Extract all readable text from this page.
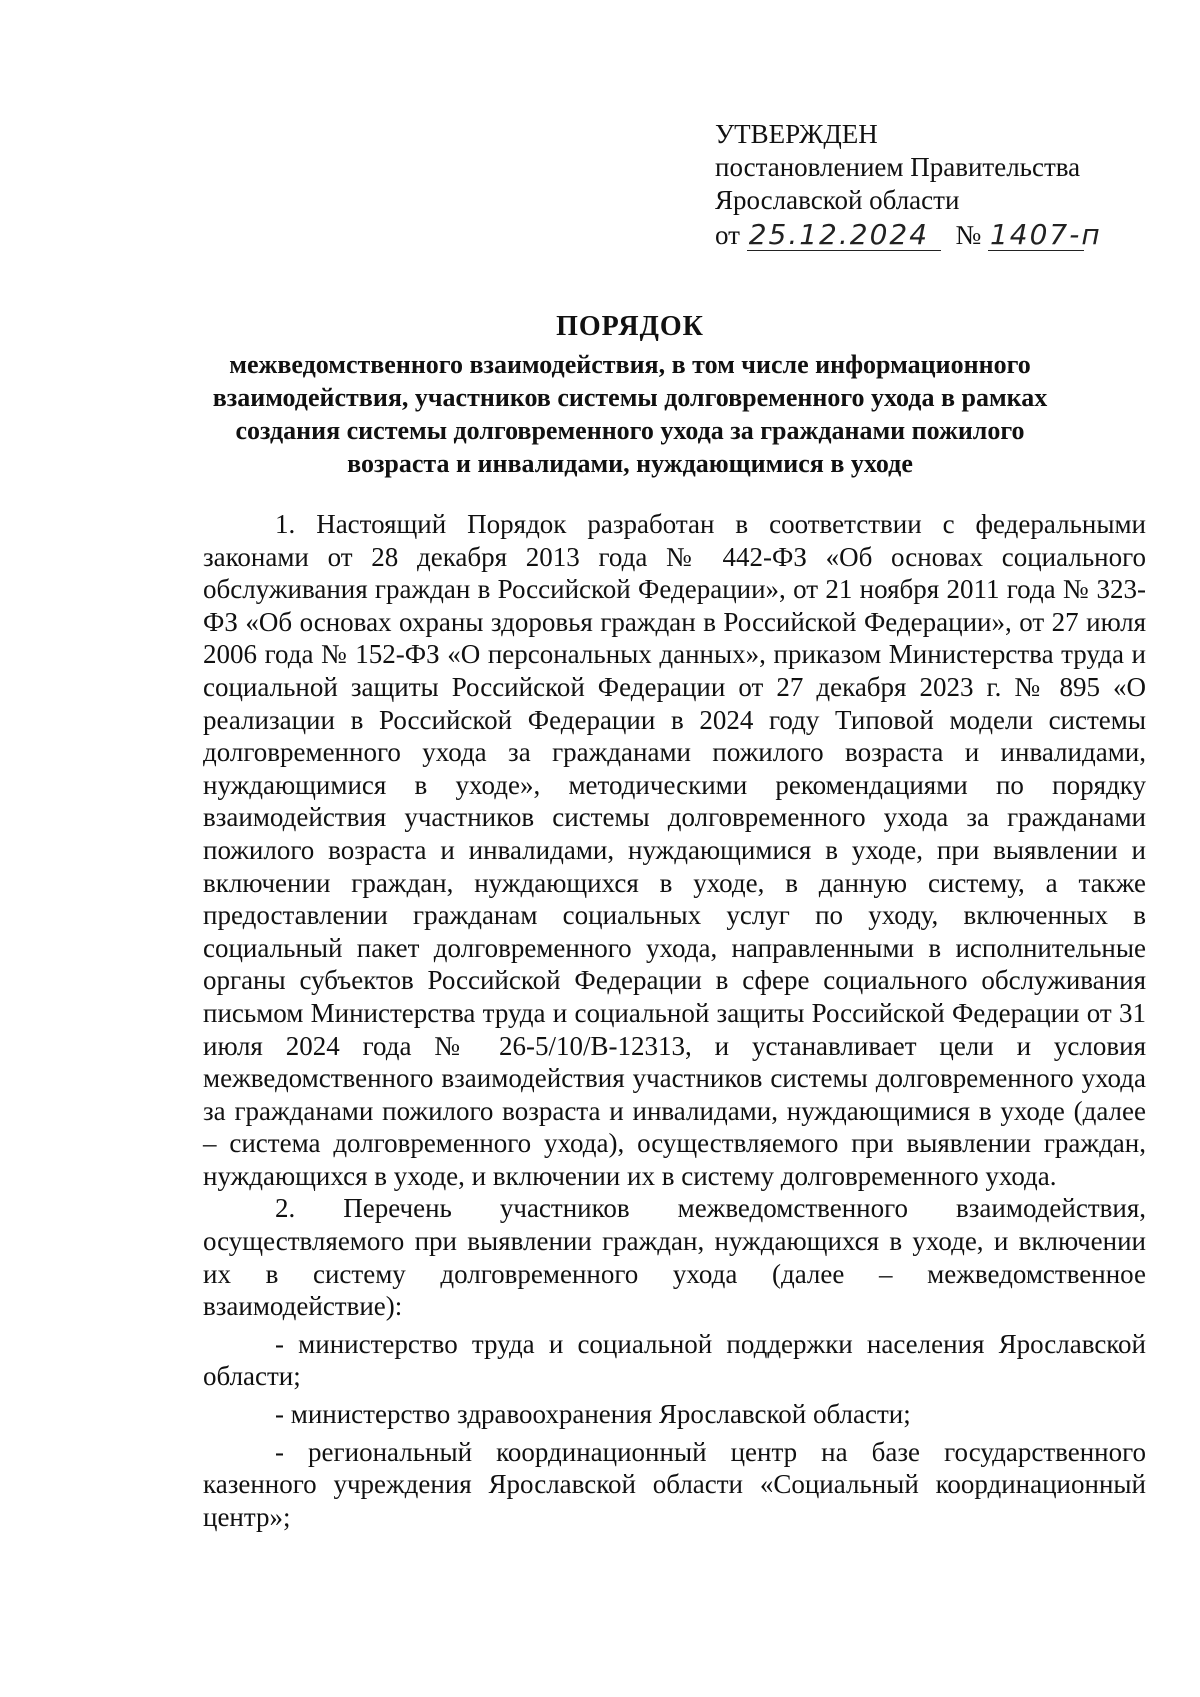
УТВЕРЖДЕН
постановлением Правительства
Ярославской области
от 25.12.2024 № 1407-п
ПОРЯДОК
межведомственного взаимодействия, в том числе информационного взаимодействия, участников системы долговременного ухода в рамках создания системы долговременного ухода за гражданами пожилого возраста и инвалидами, нуждающимися в уходе

1. Настоящий Порядок разработан в соответствии с федеральными законами от 28 декабря 2013 года № 442-ФЗ «Об основах социального обслуживания граждан в Российской Федерации», от 21 ноября 2011 года № 323-ФЗ «Об основах охраны здоровья граждан в Российской Федерации», от 27 июля 2006 года № 152-ФЗ «О персональных данных», приказом Министерства труда и социальной защиты Российской Федерации от 27 декабря 2023 г. № 895 «О реализации в Российской Федерации в 2024 году Типовой модели системы долговременного ухода за гражданами пожилого возраста и инвалидами, нуждающимися в уходе», методическими рекомендациями по порядку взаимодействия участников системы долговременного ухода за гражданами пожилого возраста и инвалидами, нуждающимися в уходе, при выявлении и включении граждан, нуждающихся в уходе, в данную систему, а также предоставлении гражданам социальных услуг по уходу, включенных в социальный пакет долговременного ухода, направленными в исполнительные органы субъектов Российской Федерации в сфере социального обслуживания письмом Министерства труда и социальной защиты Российской Федерации от 31 июля 2024 года № 26-5/10/В-12313, и устанавливает цели и условия межведомственного взаимодействия участников системы долговременного ухода за гражданами пожилого возраста и инвалидами, нуждающимися в уходе (далее – система долговременного ухода), осуществляемого при выявлении граждан, нуждающихся в уходе, и включении их в систему долговременного ухода.

2. Перечень участников межведомственного взаимодействия, осуществляемого при выявлении граждан, нуждающихся в уходе, и включении их в систему долговременного ухода (далее – межведомственное взаимодействие):

- министерство труда и социальной поддержки населения Ярославской области;

- министерство здравоохранения Ярославской области;

- региональный координационный центр на базе государственного казенного учреждения Ярославской области «Социальный координационный центр»;
